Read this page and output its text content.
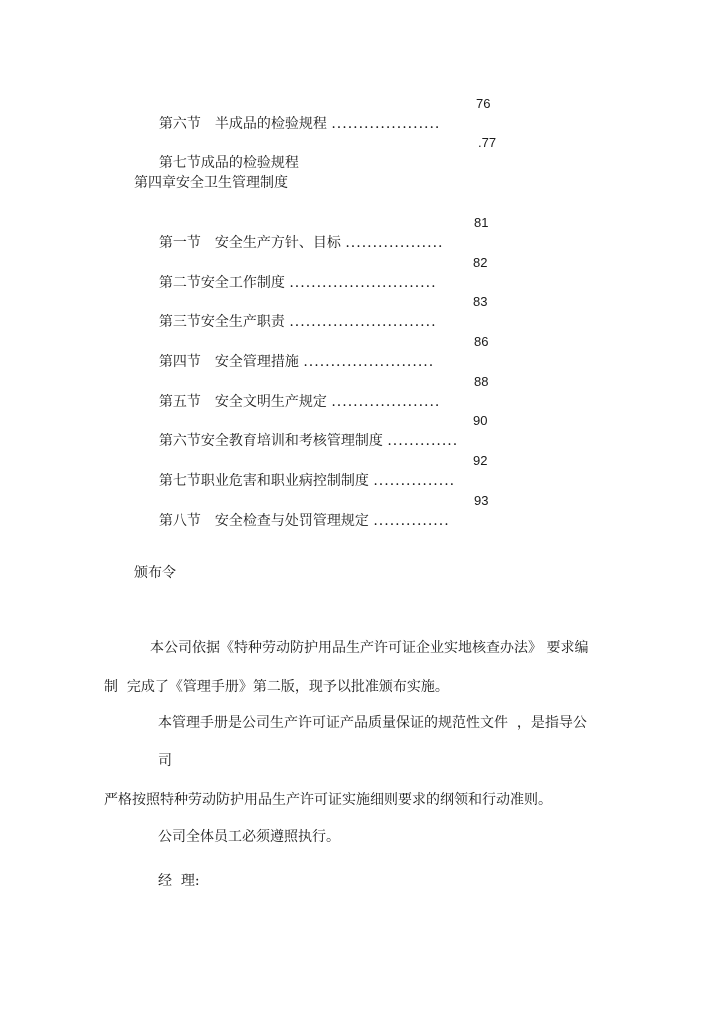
第六节　 半成品的检验规程 ....................

76

第七节成品的检验规程

.77
第四章安全卫生管理制度

第一节　 安全生产方针、目标 ..................

81

第二节安全工作制度 ...........................

82

第三节安全生产职责 ...........................

83

第四节　 安全管理措施 ........................

86

第五节　 安全文明生产规定 ....................

88

第六节安全教育培训和考核管理制度 .............

90

第七节职业危害和职业病控制制度 ...............

92

第八节　 安全检查与处罚管理规定 ..............

93
颁布令
本公司依据《特种劳动防护用品生产许可证企业实地核查办法》 要求编
制  完成了《管理手册》第二版，现予以批准颁布实施。
本管理手册是公司生产许可证产品质量保证的规范性文件  ，是指导公
司
严格按照特种劳动防护用品生产许可证实施细则要求的纲领和行动准则。
公司全体员工必须遵照执行。
经  理:
